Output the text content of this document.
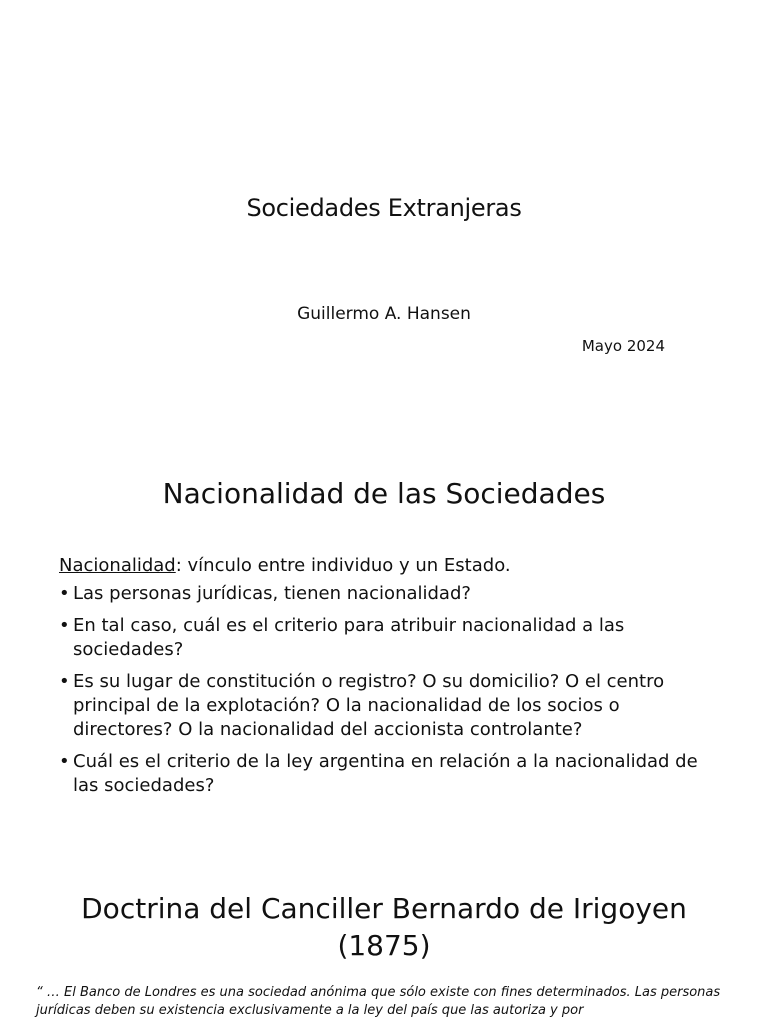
Sociedades Extranjeras
Guillermo A. Hansen
Mayo 2024
Nacionalidad de las Sociedades

Nacionalidad: vínculo entre individuo y un Estado.

• Las personas jurídicas, tienen nacionalidad?
• En tal caso, cuál es el criterio para atribuir nacionalidad a las sociedades?
• Es su lugar de constitución o registro? O su domicilio? O el centro principal de la explotación? O la nacionalidad de los socios o directores? O la nacionalidad del accionista controlante?
• Cuál es el criterio de la ley argentina en relación a la nacionalidad de las sociedades?
Doctrina del Canciller Bernardo de Irigoyen
(1875)

“ … El Banco de Londres es una sociedad anónima que sólo existe con fines determinados. Las personas jurídicas deben su existencia exclusivamente a la ley del país que las autoriza y por
